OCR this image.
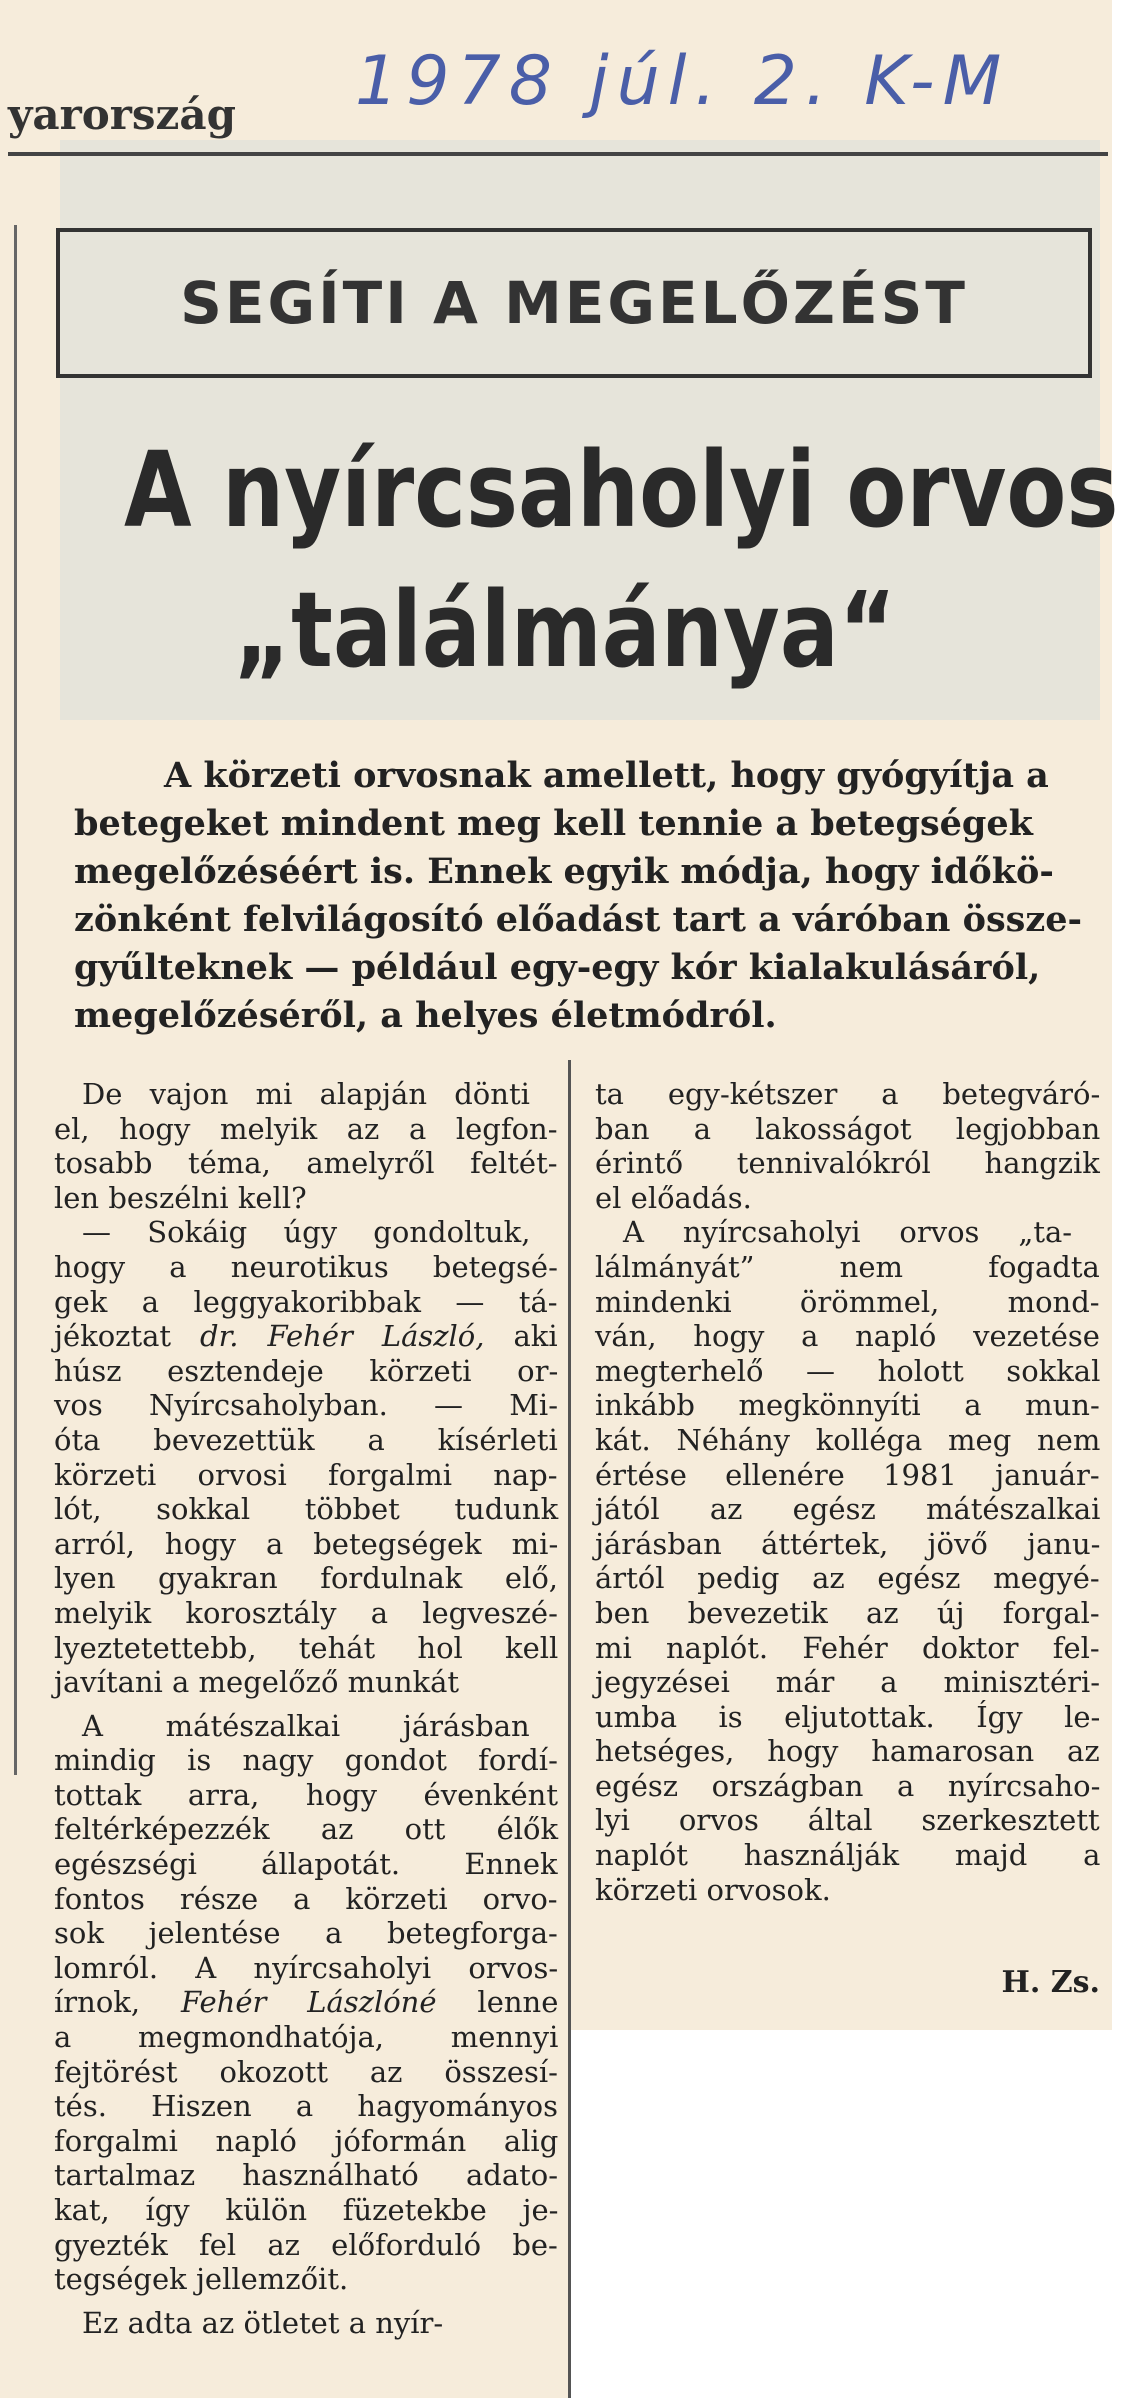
1978 júl. 2. K-M
yarország
SEGÍTI A MEGELŐZÉST
A nyírcsaholyi orvos
„találmánya“
A körzeti orvosnak amellett, hogy gyógyítja a
betegeket mindent meg kell tennie a betegségek
megelőzéséért is. Ennek egyik módja, hogy időkö-
zönként felvilágosító előadást tart a váróban össze-
gyűlteknek — például egy-egy kór kialakulásáról,
megelőzéséről, a helyes életmódról.
De vajon mi alapján dönti
el, hogy melyik az a legfon-
tosabb téma, amelyről feltét-
len beszélni kell?
— Sokáig úgy gondoltuk,
hogy a neurotikus betegsé-
gek a leggyakoribbak — tá-
jékoztat dr. Fehér László, aki
húsz esztendeje körzeti or-
vos Nyírcsaholyban. — Mi-
óta bevezettük a kísérleti
körzeti orvosi forgalmi nap-
lót, sokkal többet tudunk
arról, hogy a betegségek mi-
lyen gyakran fordulnak elő,
melyik korosztály a legveszé-
lyeztetettebb, tehát hol kell
javítani a megelőző munkát
A mátészalkai járásban
mindig is nagy gondot fordí-
tottak arra, hogy évenként
feltérképezzék az ott élők
egészségi állapotát. Ennek
fontos része a körzeti orvo-
sok jelentése a betegforga-
lomról. A nyírcsaholyi orvos-
írnok, Fehér Lászlóné lenne
a megmondhatója, mennyi
fejtörést okozott az összesí-
tés. Hiszen a hagyományos
forgalmi napló jóformán alig
tartalmaz használható adato-
kat, így külön füzetekbe je-
gyezték fel az előforduló be-
tegségek jellemzőit.
Ez adta az ötletet a nyír-
ta egy-kétszer a betegváró-
ban a lakosságot legjobban
érintő tennivalókról hangzik
el előadás.
A nyírcsaholyi orvos „ta-
lálmányát” nem fogadta
mindenki örömmel, mond-
ván, hogy a napló vezetése
megterhelő — holott sokkal
inkább megkönnyíti a mun-
kát. Néhány kolléga meg nem
értése ellenére 1981 január-
jától az egész mátészalkai
járásban áttértek, jövő janu-
ártól pedig az egész megyé-
ben bevezetik az új forgal-
mi naplót. Fehér doktor fel-
jegyzései már a minisztéri-
umba is eljutottak. Így le-
hetséges, hogy hamarosan az
egész országban a nyírcsaho-
lyi orvos által szerkesztett
naplót használják majd a
körzeti orvosok.
H. Zs.
